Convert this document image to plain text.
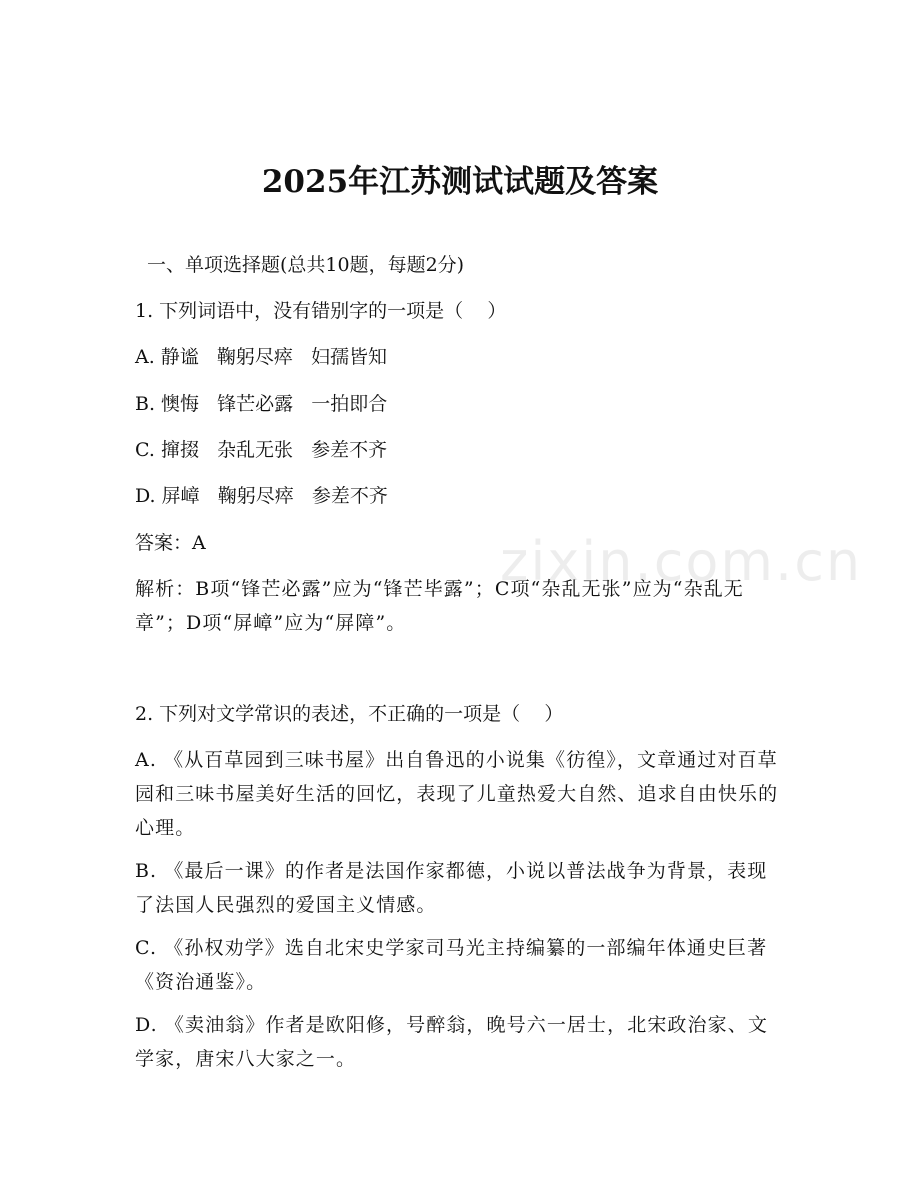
zixin.com.cn
2025年江苏测试试题及答案
一、单项选择题(总共10题，每题2分)
1. 下列词语中，没有错别字的一项是（    ）
A. 静谧   鞠躬尽瘁   妇孺皆知
B. 懊悔   锋芒必露   一拍即合
C. 撺掇   杂乱无张   参差不齐
D. 屏嶂   鞠躬尽瘁   参差不齐
答案：A
解析：B项“锋芒必露”应为“锋芒毕露”；C项“杂乱无张”应为“杂乱无章”；D项“屏嶂”应为“屏障”。
2. 下列对文学常识的表述，不正确的一项是（    ）
A. 《从百草园到三味书屋》出自鲁迅的小说集《彷徨》，文章通过对百草园和三味书屋美好生活的回忆，表现了儿童热爱大自然、追求自由快乐的心理。
B. 《最后一课》的作者是法国作家都德，小说以普法战争为背景，表现了法国人民强烈的爱国主义情感。
C. 《孙权劝学》选自北宋史学家司马光主持编纂的一部编年体通史巨著《资治通鉴》。
D. 《卖油翁》作者是欧阳修，号醉翁，晚号六一居士，北宋政治家、文学家，唐宋八大家之一。
